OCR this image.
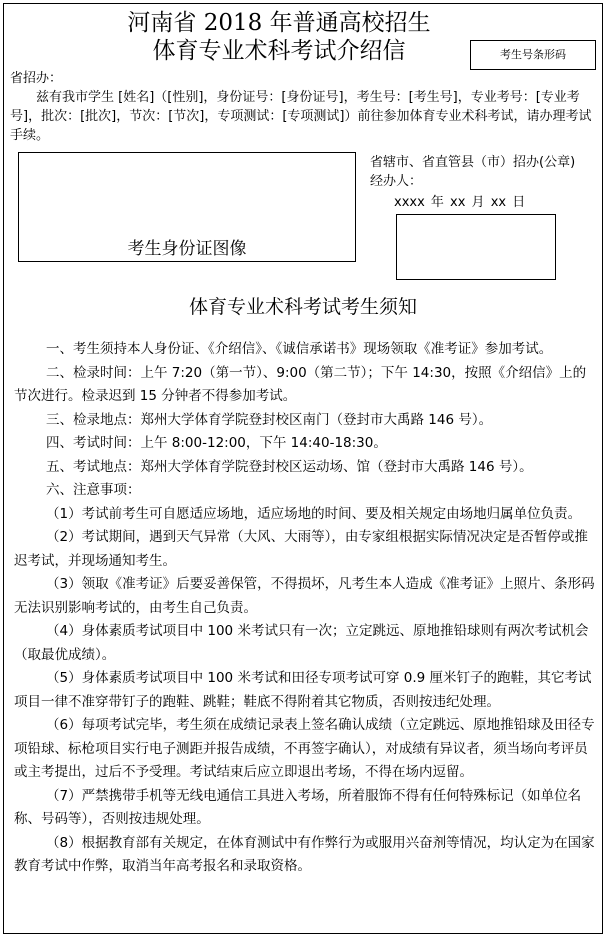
河南省 2018 年普通高校招生
体育专业术科考试介绍信	考生号条形码
省招办：
兹有我市学生 [姓名]（[性别]，身份证号：[身份证号]，考生号：[考生号]，专业考号：[专业考号]，批次：[批次]，节次：[节次]，专项测试：[专项测试]）前往参加体育专业术科考试，请办理考试手续。
考生身份证图像
省辖市、省直管县（市）招办(公章)
经办人：
xxxx 年 xx 月 xx 日
体育专业术科考试考生须知

一、考生须持本人身份证、《介绍信》、《诚信承诺书》现场领取《准考证》参加考试。

二、检录时间：上午 7:20（第一节）、9:00（第二节）；下午 14:30，按照《介绍信》上的节次进行。检录迟到 15 分钟者不得参加考试。

三、检录地点：郑州大学体育学院登封校区南门（登封市大禹路 146 号）。

四、考试时间：上午 8:00-12:00，下午 14:40-18:30。

五、考试地点：郑州大学体育学院登封校区运动场、馆（登封市大禹路 146 号）。

六、注意事项：

（1）考试前考生可自愿适应场地，适应场地的时间、要及相关规定由场地归属单位负责。

（2）考试期间，遇到天气异常（大风、大雨等），由专家组根据实际情况决定是否暂停或推迟考试，并现场通知考生。

（3）领取《准考证》后要妥善保管，不得损坏，凡考生本人造成《准考证》上照片、条形码无法识别影响考试的，由考生自己负责。

（4）身体素质考试项目中 100 米考试只有一次；立定跳远、原地推铅球则有两次考试机会（取最优成绩）。

（5）身体素质考试项目中 100 米考试和田径专项考试可穿 0.9 厘米钉子的跑鞋，其它考试项目一律不准穿带钉子的跑鞋、跳鞋；鞋底不得附着其它物质，否则按违纪处理。

（6）每项考试完毕，考生须在成绩记录表上签名确认成绩（立定跳远、原地推铅球及田径专项铅球、标枪项目实行电子测距并报告成绩，不再签字确认），对成绩有异议者，须当场向考评员或主考提出，过后不予受理。考试结束后应立即退出考场，不得在场内逗留。

（7）严禁携带手机等无线电通信工具进入考场，所着服饰不得有任何特殊标记（如单位名称、号码等），否则按违规处理。

（8）根据教育部有关规定，在体育测试中有作弊行为或服用兴奋剂等情况，均认定为在国家教育考试中作弊，取消当年高考报名和录取资格。
